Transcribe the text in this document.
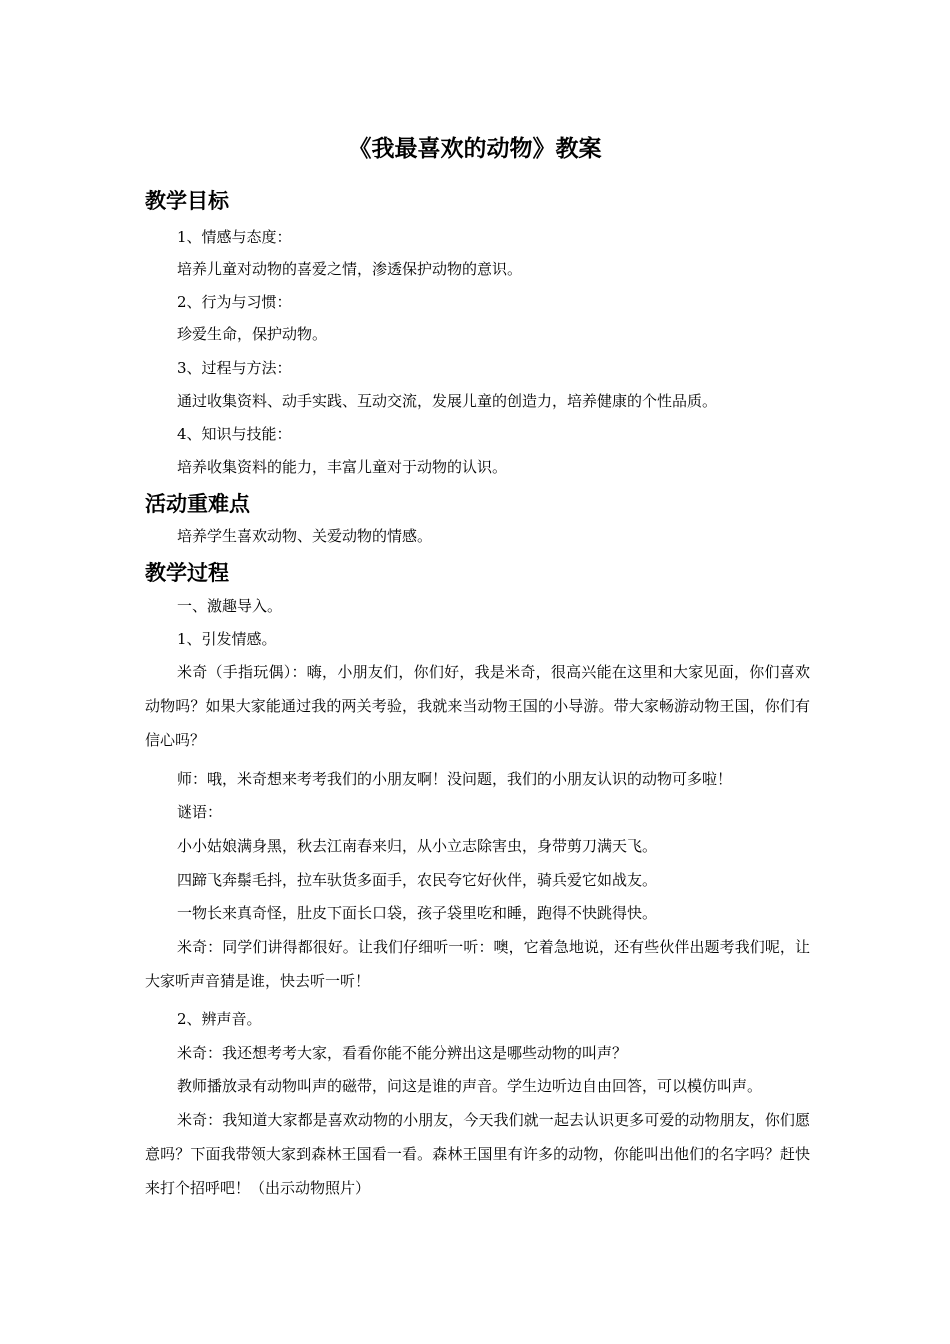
《我最喜欢的动物》教案
教学目标
1、情感与态度：
培养儿童对动物的喜爱之情，渗透保护动物的意识。
2、行为与习惯：
珍爱生命，保护动物。
3、过程与方法：
通过收集资料、动手实践、互动交流，发展儿童的创造力，培养健康的个性品质。
4、知识与技能：
培养收集资料的能力，丰富儿童对于动物的认识。
活动重难点
培养学生喜欢动物、关爱动物的情感。
教学过程
一、激趣导入。
1、引发情感。
米奇（手指玩偶）：嗨，小朋友们，你们好，我是米奇，很高兴能在这里和大家见面，你们喜欢动物吗？如果大家能通过我的两关考验，我就来当动物王国的小导游。带大家畅游动物王国，你们有信心吗？
师：哦，米奇想来考考我们的小朋友啊！没问题，我们的小朋友认识的动物可多啦！
谜语：
小小姑娘满身黑，秋去江南春来归，从小立志除害虫，身带剪刀满天飞。
四蹄飞奔鬃毛抖，拉车驮货多面手，农民夸它好伙伴，骑兵爱它如战友。
一物长来真奇怪，肚皮下面长口袋，孩子袋里吃和睡，跑得不快跳得快。
米奇：同学们讲得都很好。让我们仔细听一听：噢，它着急地说，还有些伙伴出题考我们呢，让大家听声音猜是谁，快去听一听！
2、辨声音。
米奇：我还想考考大家，看看你能不能分辨出这是哪些动物的叫声？
教师播放录有动物叫声的磁带，问这是谁的声音。学生边听边自由回答，可以模仿叫声。
米奇：我知道大家都是喜欢动物的小朋友，今天我们就一起去认识更多可爱的动物朋友，你们愿意吗？下面我带领大家到森林王国看一看。森林王国里有许多的动物，你能叫出他们的名字吗？赶快来打个招呼吧！（出示动物照片）
